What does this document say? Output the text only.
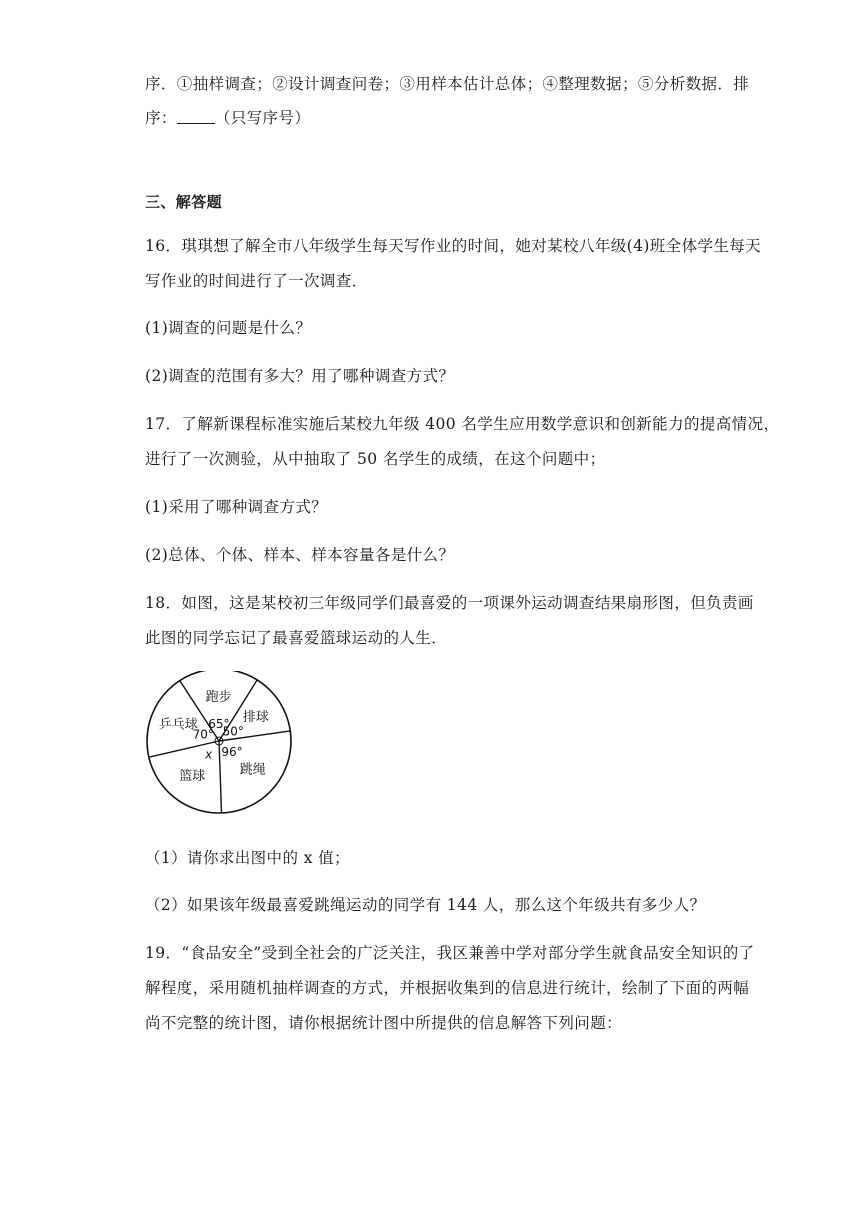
序．①抽样调查；②设计调查问卷；③用样本估计总体；④整理数据；⑤分析数据．排
序： （只写序号）
三、解答题
16．琪琪想了解全市八年级学生每天写作业的时间，她对某校八年级(4)班全体学生每天
写作业的时间进行了一次调查．
(1)调查的问题是什么？
(2)调查的范围有多大？用了哪种调查方式？
17．了解新课程标准实施后某校九年级 400 名学生应用数学意识和创新能力的提高情况，
进行了一次测验，从中抽取了 50 名学生的成绩，在这个问题中；
(1)采用了哪种调查方式？
(2)总体、个体、样本、样本容量各是什么？
18．如图，这是某校初三年级同学们最喜爱的一项课外运动调查结果扇形图，但负责画
此图的同学忘记了最喜爱篮球运动的人生．
跑步
65° 排球
50°
跳绳
96°
篮球
x
乒乓球
70°
（1）请你求出图中的 x 值；
（2）如果该年级最喜爱跳绳运动的同学有 144 人，那么这个年级共有多少人？
19．“食品安全”受到全社会的广泛关注，我区兼善中学对部分学生就食品安全知识的了
解程度，采用随机抽样调查的方式，并根据收集到的信息进行统计，绘制了下面的两幅
尚不完整的统计图，请你根据统计图中所提供的信息解答下列问题：
